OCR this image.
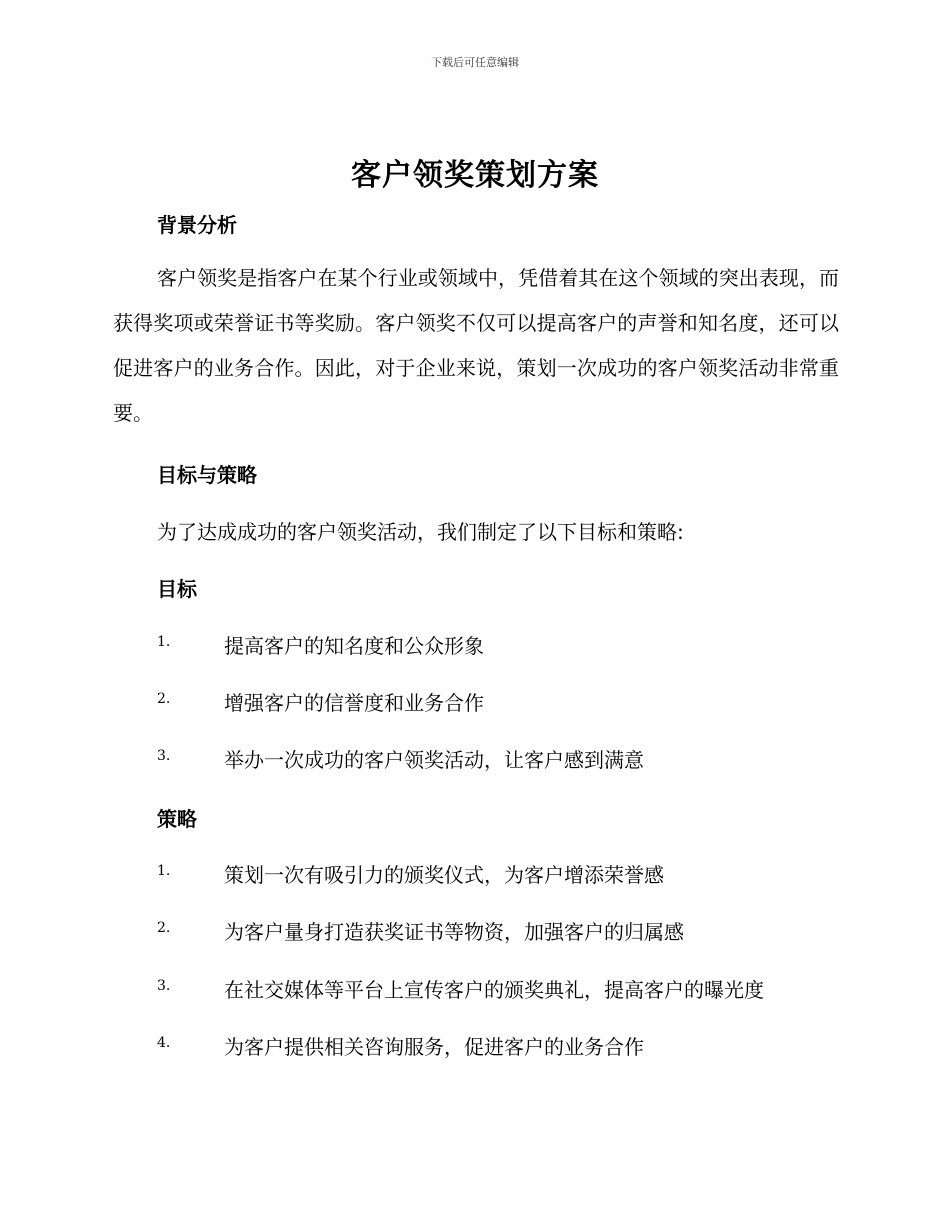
下载后可任意编辑
客户领奖策划方案
背景分析
客户领奖是指客户在某个行业或领域中，凭借着其在这个领域的突出表现，而获得奖项或荣誉证书等奖励。客户领奖不仅可以提高客户的声誉和知名度，还可以促进客户的业务合作。因此，对于企业来说，策划一次成功的客户领奖活动非常重要。
目标与策略
为了达成成功的客户领奖活动，我们制定了以下目标和策略:
目标
1.	提高客户的知名度和公众形象
2.	增强客户的信誉度和业务合作
3.	举办一次成功的客户领奖活动，让客户感到满意
策略
1.	策划一次有吸引力的颁奖仪式，为客户增添荣誉感
2.	为客户量身打造获奖证书等物资，加强客户的归属感
3.	在社交媒体等平台上宣传客户的颁奖典礼，提高客户的曝光度
4.	为客户提供相关咨询服务，促进客户的业务合作
